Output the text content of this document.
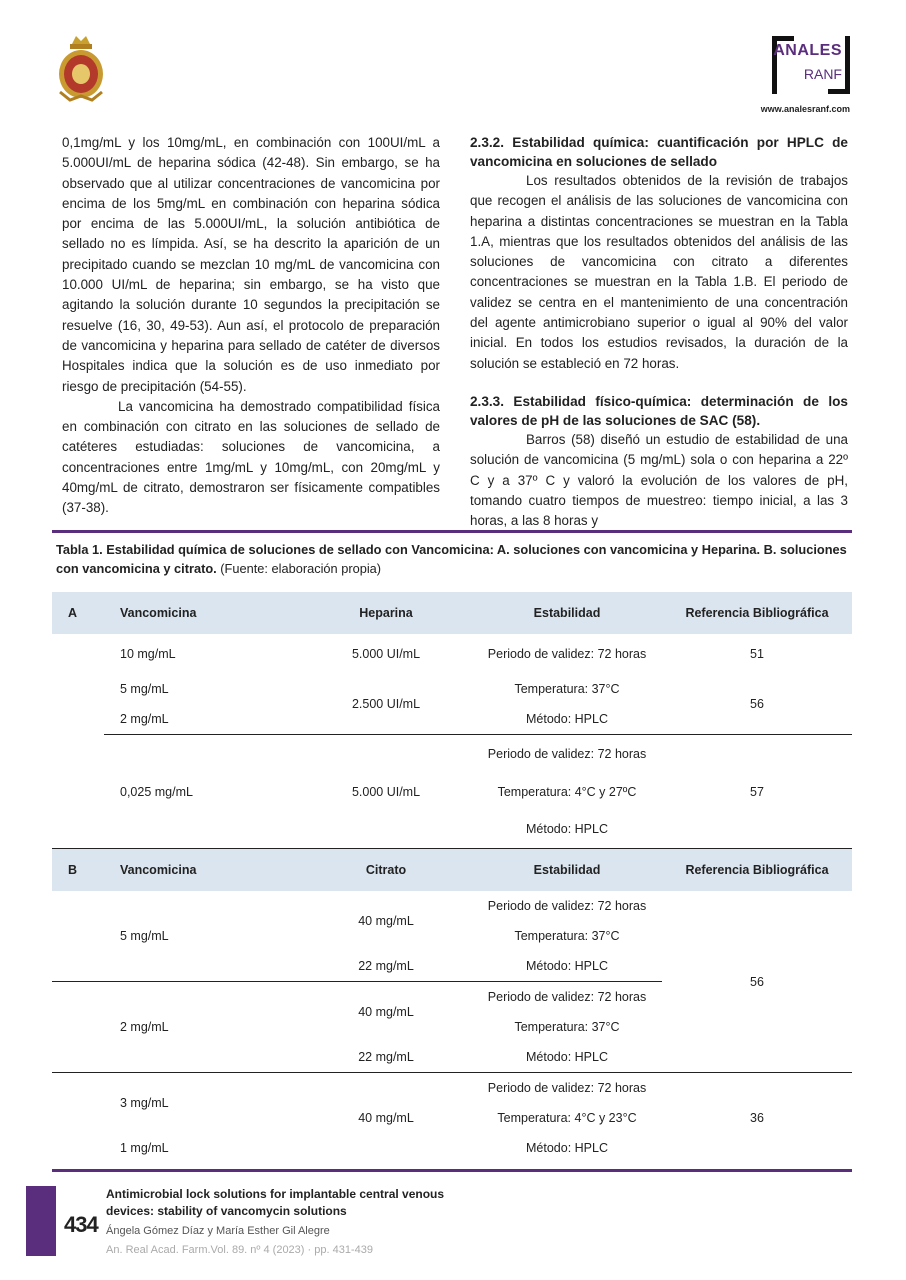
ANALES
RANF
www.analesranf.com

0,1mg/mL y los 10mg/mL, en combinación con 100UI/mL a 5.000UI/mL de heparina sódica (42-48). Sin embargo, se ha observado que al utilizar concentraciones de vancomicina por encima de los 5mg/mL en combinación con heparina sódica por encima de las 5.000UI/mL, la solución antibiótica de sellado no es límpida. Así, se ha descrito la aparición de un precipitado cuando se mezclan 10 mg/mL de vancomicina con 10.000 UI/mL de heparina; sin embargo, se ha visto que agitando la solución durante 10 segundos la precipitación se resuelve (16, 30, 49-53). Aun así, el protocolo de preparación de vancomicina y heparina para sellado de catéter de diversos Hospitales indica que la solución es de uso inmediato por riesgo de precipitación (54-55).

La vancomicina ha demostrado compatibilidad física en combinación con citrato en las soluciones de sellado de catéteres estudiadas: soluciones de vancomicina, a concentraciones entre 1mg/mL y 10mg/mL, con 20mg/mL y 40mg/mL de citrato, demostraron ser físicamente compatibles (37-38).

2.3.2. Estabilidad química: cuantificación por HPLC de vancomicina en soluciones de sellado

Los resultados obtenidos de la revisión de trabajos que recogen el análisis de las soluciones de vancomicina con heparina a distintas concentraciones se muestran en la Tabla 1.A, mientras que los resultados obtenidos del análisis de las soluciones de vancomicina con citrato a diferentes concentraciones se muestran en la Tabla 1.B. El periodo de validez se centra en el mantenimiento de una concentración del agente antimicrobiano superior o igual al 90% del valor inicial. En todos los estudios revisados, la duración de la solución se estableció en 72 horas.

2.3.3. Estabilidad físico-química: determinación de los valores de pH de las soluciones de SAC (58).

Barros (58) diseñó un estudio de estabilidad de una solución de vancomicina (5 mg/mL) sola o con heparina a 22º C y a 37º C y valoró la evolución de los valores de pH, tomando cuatro tiempos de muestreo: tiempo inicial, a las 3 horas, a las 8 horas y

Tabla 1. Estabilidad química de soluciones de sellado con Vancomicina: A. soluciones con vancomicina y Heparina. B. soluciones con vancomicina y citrato. (Fuente: elaboración propia)
A	Vancomicina	Heparina	Estabilidad	Referencia Bibliográfica
	10 mg/mL	5.000 UI/mL	Periodo de validez: 72 horas	51
	5 mg/mL	2.500 UI/mL	Temperatura: 37°C	56
	2 mg/mL		Método: HPLC	
	0,025 mg/mL	5.000 UI/mL	Periodo de validez: 72 horas	57
			Temperatura: 4°C y 27ºC	
			Método: HPLC	
B	Vancomicina	Citrato	Estabilidad	Referencia Bibliográfica
	5 mg/mL	40 mg/mL	Periodo de validez: 72 horas	56
			Temperatura: 37°C	
		22 mg/mL	Método: HPLC	
	2 mg/mL	40 mg/mL	Periodo de validez: 72 horas	
			Temperatura: 37°C	
		22 mg/mL	Método: HPLC	
	3 mg/mL	40 mg/mL	Periodo de validez: 72 horas	36
			Temperatura: 4°C y 23°C	
	1 mg/mL		Método: HPLC	
434
Antimicrobial lock solutions for implantable central venous devices: stability of vancomycin solutions
Ángela Gómez Díaz y María Esther Gil Alegre
An. Real Acad. Farm.Vol. 89. nº 4 (2023) · pp. 431-439
